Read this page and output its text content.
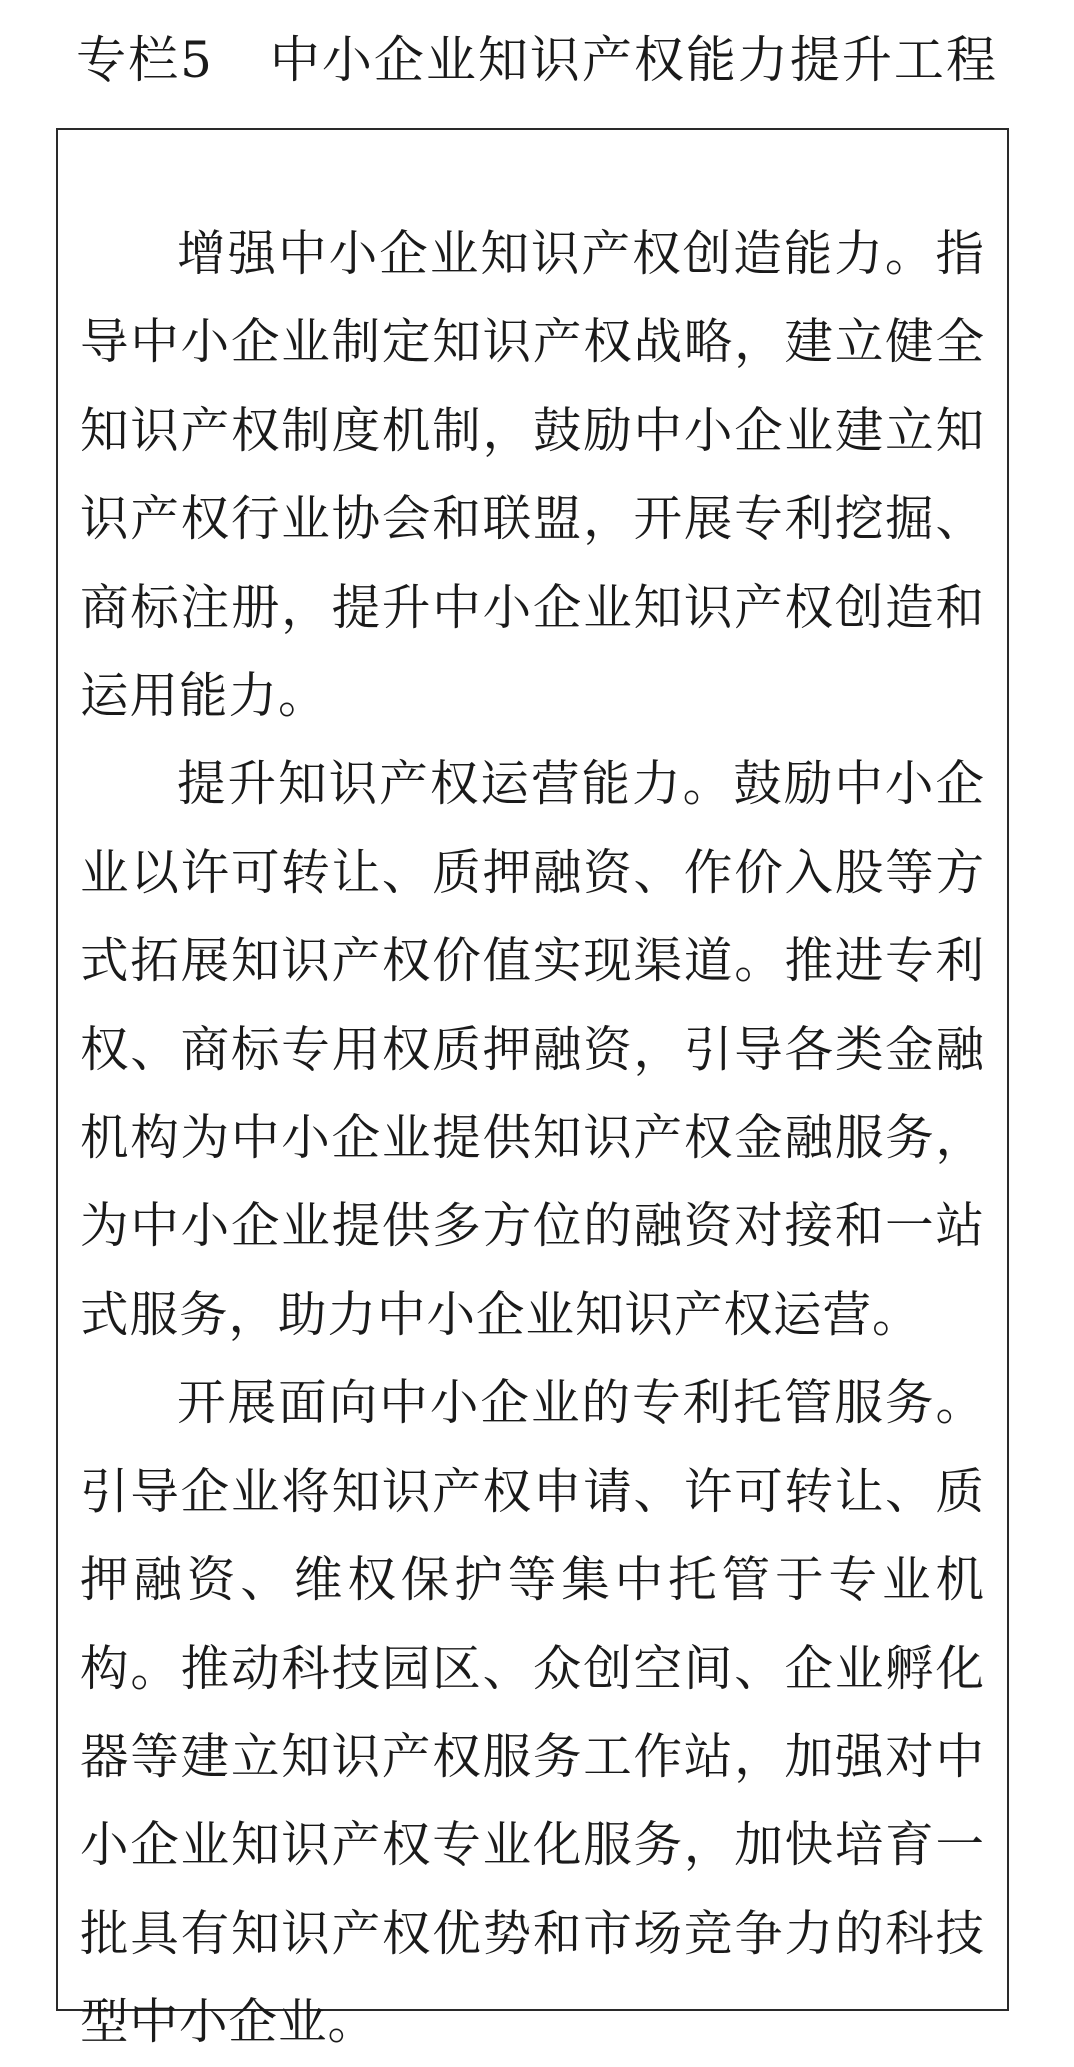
专栏5 中小企业知识产权能力提升工程

增强中小企业知识产权创造能力。指导中小企业制定知识产权战略，建立健全知识产权制度机制，鼓励中小企业建立知识产权行业协会和联盟，开展专利挖掘、商标注册，提升中小企业知识产权创造和运用能力。

提升知识产权运营能力。鼓励中小企业以许可转让、质押融资、作价入股等方式拓展知识产权价值实现渠道。推进专利权、商标专用权质押融资，引导各类金融机构为中小企业提供知识产权金融服务，为中小企业提供多方位的融资对接和一站式服务，助力中小企业知识产权运营。

开展面向中小企业的专利托管服务。引导企业将知识产权申请、许可转让、质押融资、维权保护等集中托管于专业机构。推动科技园区、众创空间、企业孵化器等建立知识产权服务工作站，加强对中小企业知识产权专业化服务，加快培育一批具有知识产权优势和市场竞争力的科技型中小企业。
